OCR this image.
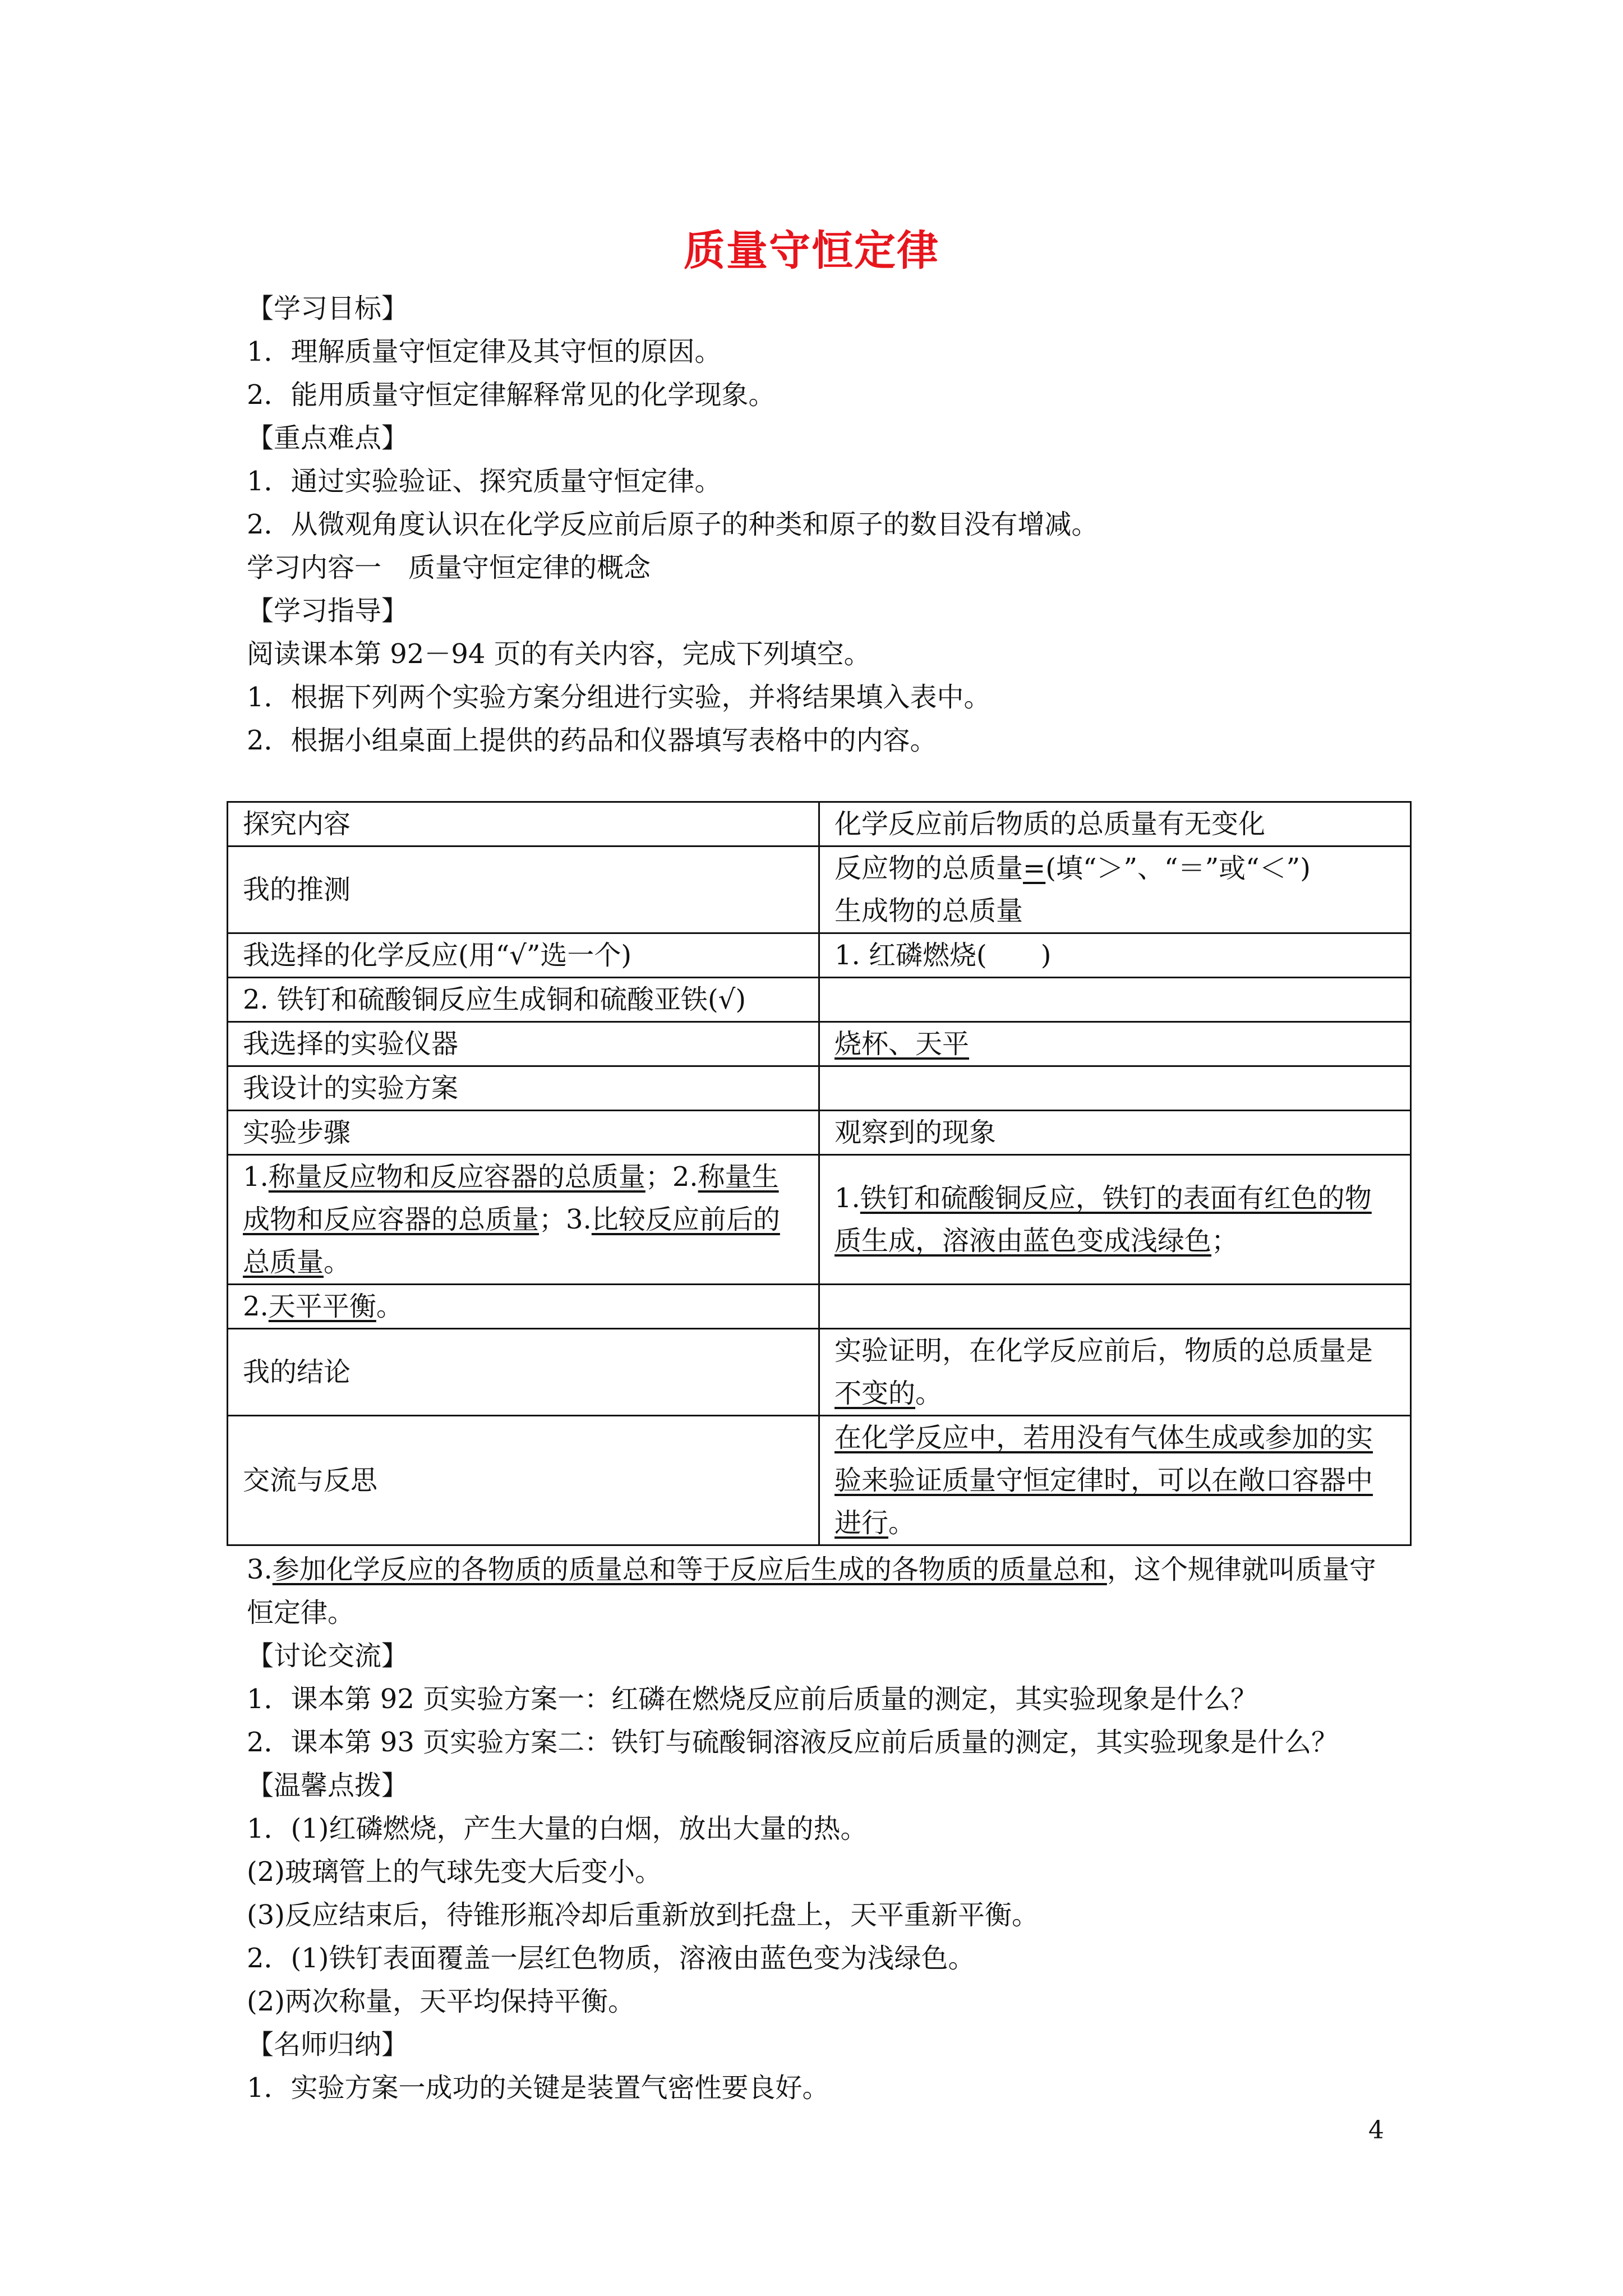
质量守恒定律
【学习目标】
1．理解质量守恒定律及其守恒的原因。
2．能用质量守恒定律解释常见的化学现象。
【重点难点】
1．通过实验验证、探究质量守恒定律。
2．从微观角度认识在化学反应前后原子的种类和原子的数目没有增减。
学习内容一　质量守恒定律的概念
【学习指导】
阅读课本第 92－94 页的有关内容，完成下列填空。
1．根据下列两个实验方案分组进行实验，并将结果填入表中。
2．根据小组桌面上提供的药品和仪器填写表格中的内容。
探究内容	化学反应前后物质的总质量有无变化
我的推测	反应物的总质量=(填“＞”、“＝”或“＜”)
生成物的总质量
我选择的化学反应(用“√”选一个)	1. 红磷燃烧(　　)
2. 铁钉和硫酸铜反应生成铜和硫酸亚铁(√)	
我选择的实验仪器	烧杯、天平
我设计的实验方案	
实验步骤	观察到的现象
1.称量反应物和反应容器的总质量；2.称量生成物和反应容器的总质量；3.比较反应前后的总质量。	1.铁钉和硫酸铜反应，铁钉的表面有红色的物质生成，溶液由蓝色变成浅绿色；
2.天平平衡。	
我的结论	实验证明，在化学反应前后，物质的总质量是不变的。
交流与反思	在化学反应中，若用没有气体生成或参加的实验来验证质量守恒定律时，可以在敞口容器中进行。
3.参加化学反应的各物质的质量总和等于反应后生成的各物质的质量总和，这个规律就叫质量守恒定律。
【讨论交流】
1．课本第 92 页实验方案一：红磷在燃烧反应前后质量的测定，其实验现象是什么？
2．课本第 93 页实验方案二：铁钉与硫酸铜溶液反应前后质量的测定，其实验现象是什么？
【温馨点拨】
1．(1)红磷燃烧，产生大量的白烟，放出大量的热。
(2)玻璃管上的气球先变大后变小。
(3)反应结束后，待锥形瓶冷却后重新放到托盘上，天平重新平衡。
2．(1)铁钉表面覆盖一层红色物质，溶液由蓝色变为浅绿色。
(2)两次称量，天平均保持平衡。
【名师归纳】
1．实验方案一成功的关键是装置气密性要良好。
4
